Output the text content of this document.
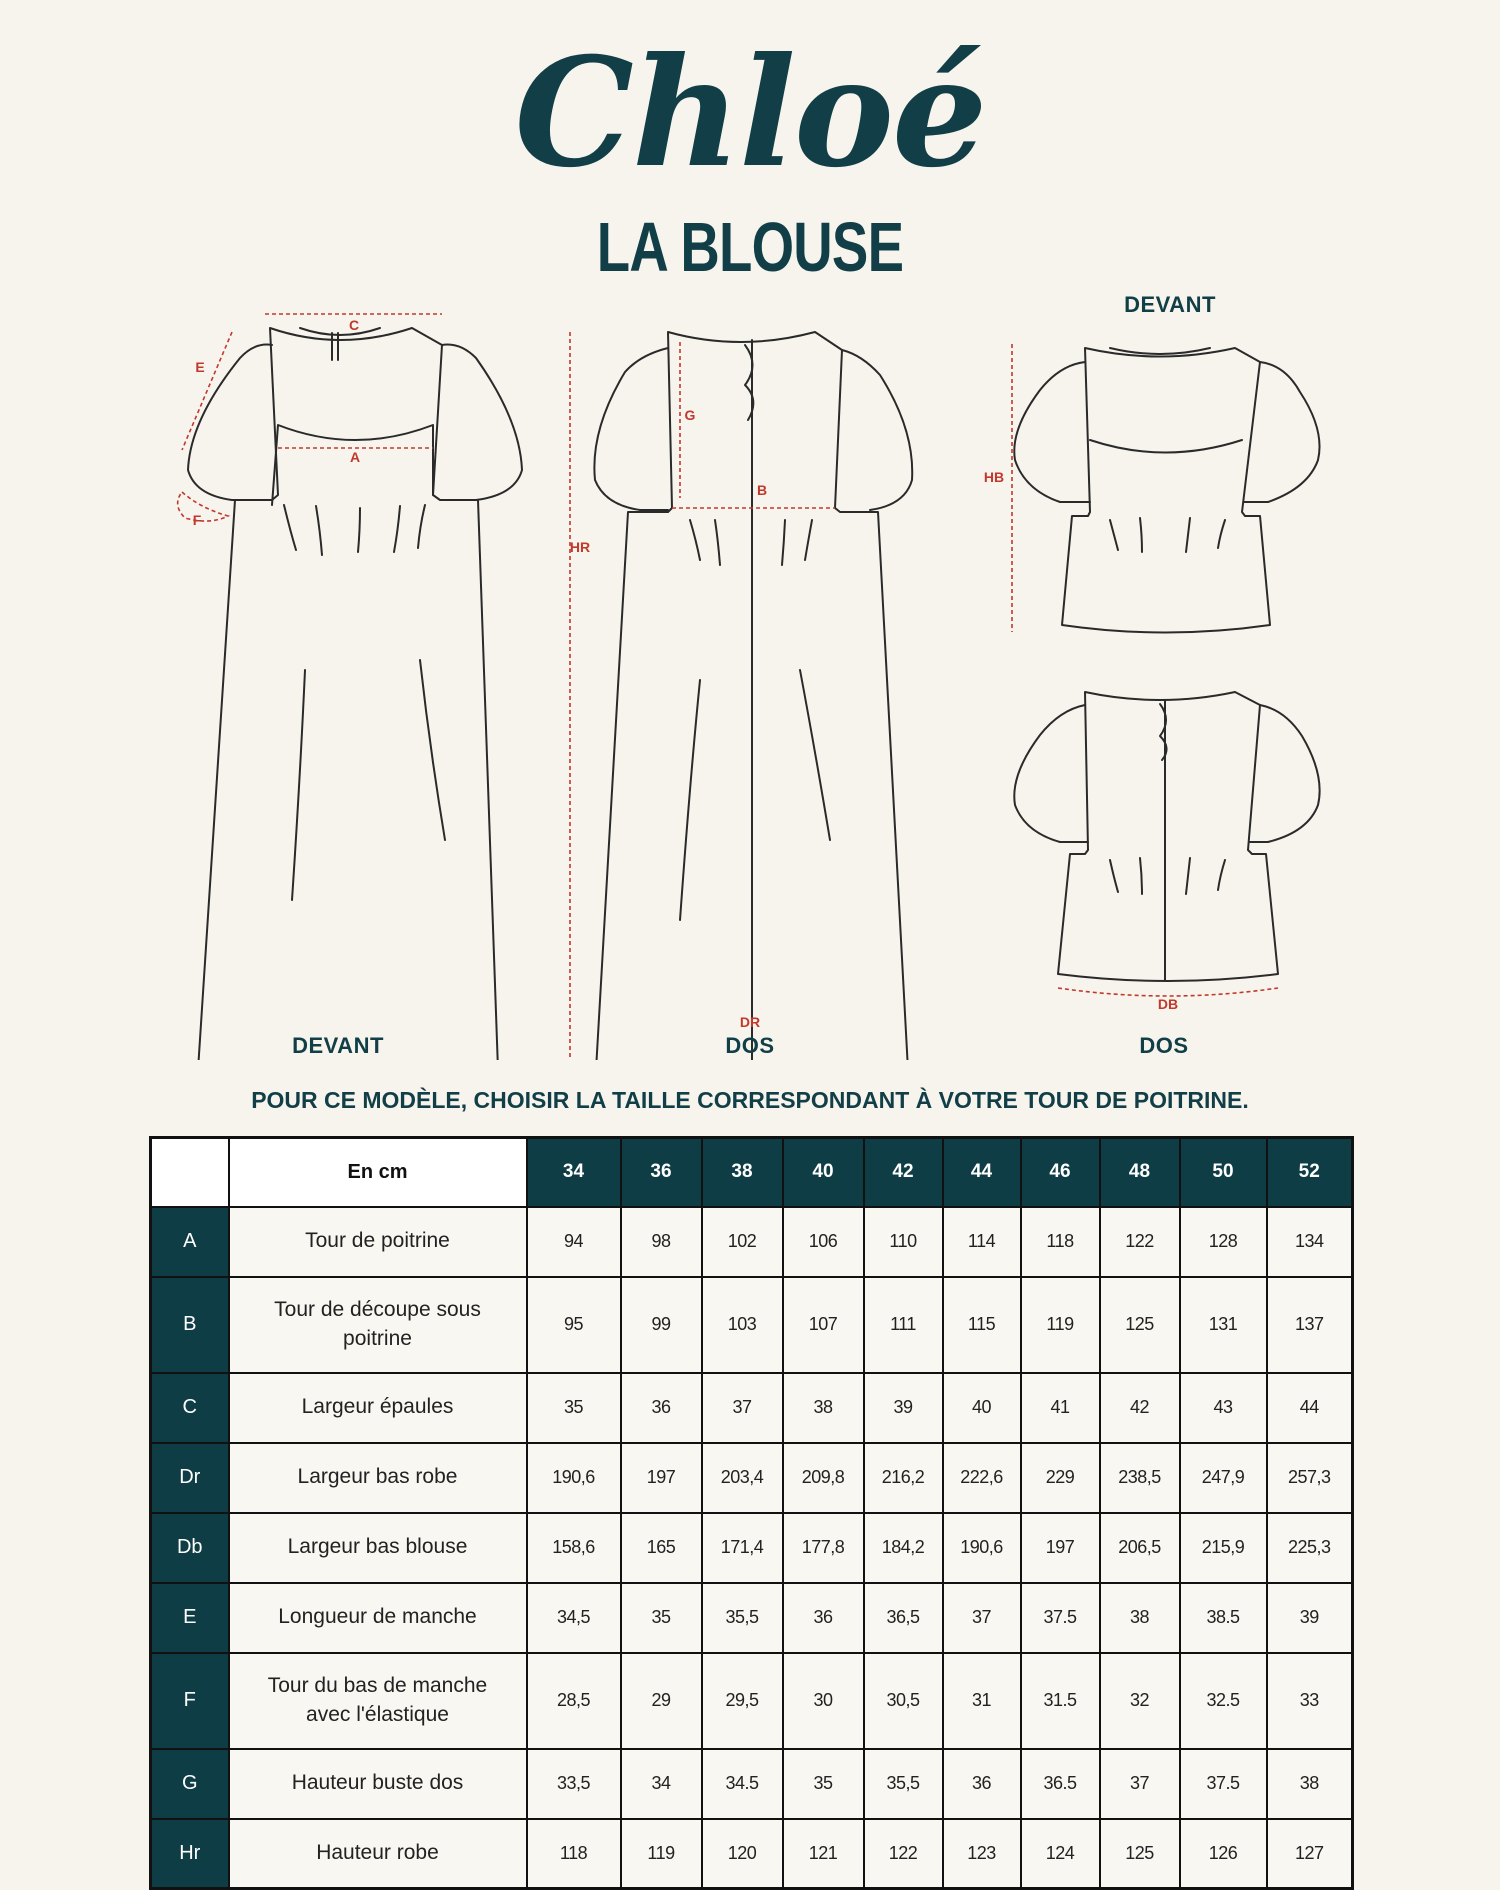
Chloé
LA BLOUSE
DEVANT
C
E
F
A
HR
G
B
DR
HB
DB
DEVANT	DOS	DOS
POUR CE MODÈLE, CHOISIR LA TAILLE CORRESPONDANT À VOTRE TOUR DE POITRINE.
	En cm	34	36	38	40	42	44	46	48	50	52
A	Tour de poitrine	94	98	102	106	110	114	118	122	128	134
B	Tour de découpe sous poitrine	95	99	103	107	111	115	119	125	131	137
C	Largeur épaules	35	36	37	38	39	40	41	42	43	44
Dr	Largeur bas robe	190,6	197	203,4	209,8	216,2	222,6	229	238,5	247,9	257,3
Db	Largeur bas blouse	158,6	165	171,4	177,8	184,2	190,6	197	206,5	215,9	225,3
E	Longueur de manche	34,5	35	35,5	36	36,5	37	37.5	38	38.5	39
F	Tour du bas de manche avec l'élastique	28,5	29	29,5	30	30,5	31	31.5	32	32.5	33
G	Hauteur buste dos	33,5	34	34.5	35	35,5	36	36.5	37	37.5	38
Hr	Hauteur robe	118	119	120	121	122	123	124	125	126	127
